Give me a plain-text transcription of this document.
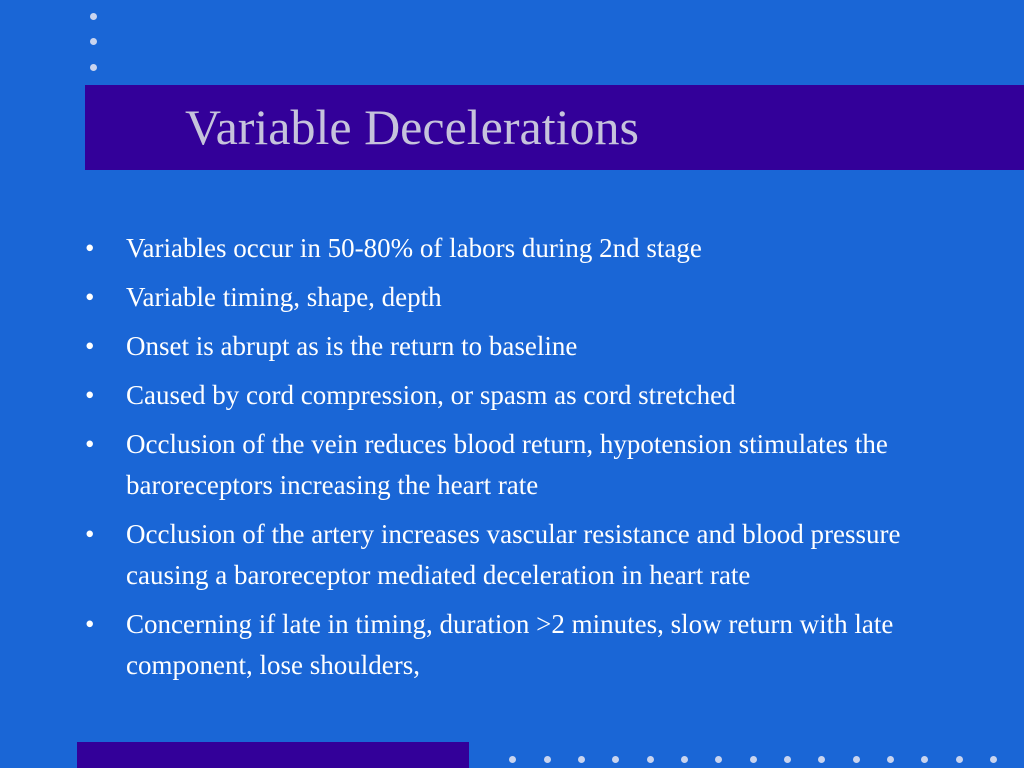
Variable Decelerations
•	Variables occur in 50-80% of labors during 2nd stage
•	Variable timing, shape, depth
•	Onset is abrupt as is the return to baseline
•	Caused by cord compression, or spasm as cord stretched
•	Occlusion of the vein reduces blood return, hypotension stimulates the baroreceptors increasing the heart rate
•	Occlusion of the artery increases vascular resistance and blood pressure causing a baroreceptor mediated deceleration in heart rate
•	Concerning if late in timing, duration >2 minutes, slow return with late component, lose shoulders,
